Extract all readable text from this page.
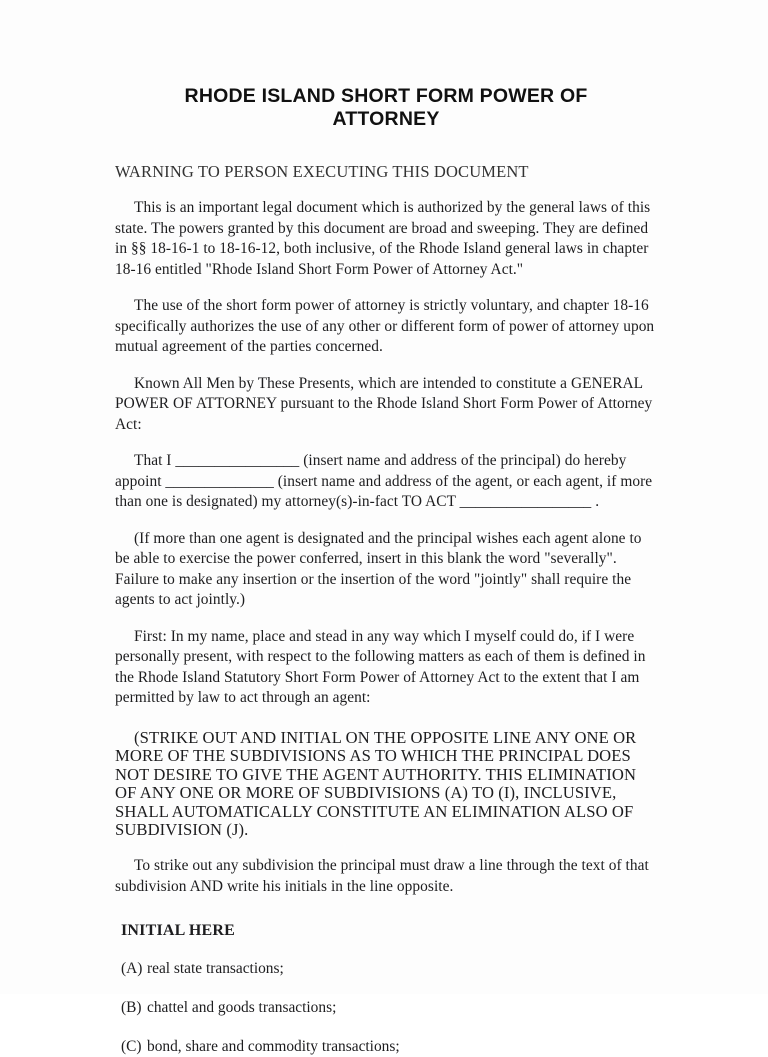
RHODE ISLAND SHORT FORM POWER OF ATTORNEY
WARNING TO PERSON EXECUTING THIS DOCUMENT

This is an important legal document which is authorized by the general laws of this state. The powers granted by this document are broad and sweeping. They are defined in §§ 18-16-1 to 18-16-12, both inclusive, of the Rhode Island general laws in chapter 18-16 entitled "Rhode Island Short Form Power of Attorney Act."

The use of the short form power of attorney is strictly voluntary, and chapter 18-16 specifically authorizes the use of any other or different form of power of attorney upon mutual agreement of the parties concerned.

Known All Men by These Presents, which are intended to constitute a GENERAL POWER OF ATTORNEY pursuant to the Rhode Island Short Form Power of Attorney Act:

That I ________________ (insert name and address of the principal) do hereby appoint ______________ (insert name and address of the agent, or each agent, if more than one is designated) my attorney(s)-in-fact TO ACT _________________ .

(If more than one agent is designated and the principal wishes each agent alone to be able to exercise the power conferred, insert in this blank the word "severally". Failure to make any insertion or the insertion of the word "jointly" shall require the agents to act jointly.)

First: In my name, place and stead in any way which I myself could do, if I were personally present, with respect to the following matters as each of them is defined in the Rhode Island Statutory Short Form Power of Attorney Act to the extent that I am permitted by law to act through an agent:

(STRIKE OUT AND INITIAL ON THE OPPOSITE LINE ANY ONE OR MORE OF THE SUBDIVISIONS AS TO WHICH THE PRINCIPAL DOES NOT DESIRE TO GIVE THE AGENT AUTHORITY. THIS ELIMINATION OF ANY ONE OR MORE OF SUBDIVISIONS (A) TO (I), INCLUSIVE, SHALL AUTOMATICALLY CONSTITUTE AN ELIMINATION ALSO OF SUBDIVISION (J).

To strike out any subdivision the principal must draw a line through the text of that subdivision AND write his initials in the line opposite.

INITIAL HERE

(A) real state transactions;

(B) chattel and goods transactions;

(C) bond, share and commodity transactions;
